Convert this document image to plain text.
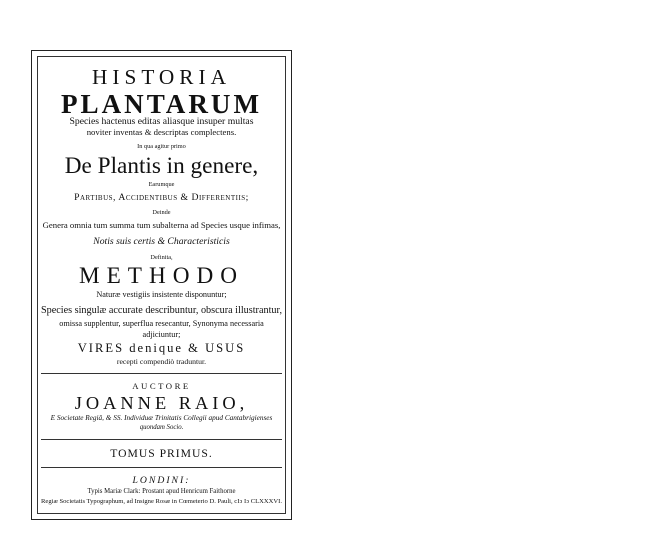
HISTORIA
PLANTARUM
Species hactenus editas aliasque insuper multas
noviter inventas & descriptas complectens.
In qua agitur primo
De Plantis in genere,
Earumque
Partibus, Accidentibus & Differentiis;
Deinde
Genera omnia tum summa tum subalterna ad Species usque infimas,
Notis suis certis & Characteristicis
Definita,
METHODO
Naturæ vestigiis insistente disponuntur;
Species singulæ accurate describuntur, obscura illustrantur,
omissa supplentur, superflua resecantur, Synonyma necessaria
adjiciuntur;
VIRES denique & USUS
recepti compendiò traduntur.
AUCTORE
JOANNE RAIO,
E Societate Regiâ, & SS. Individuæ Trinitatis Collegii apud Cantabrigienses
quondam Socio.
TOMUS PRIMUS.
LONDINI:
Typis Mariæ Clark: Prostant apud Henricum Faithorne
Regiæ Societatis Typographum, ad Insigne Rosæ in Cœmeterio D. Pauli, cIↄ Iↄ CLXXXVI.
